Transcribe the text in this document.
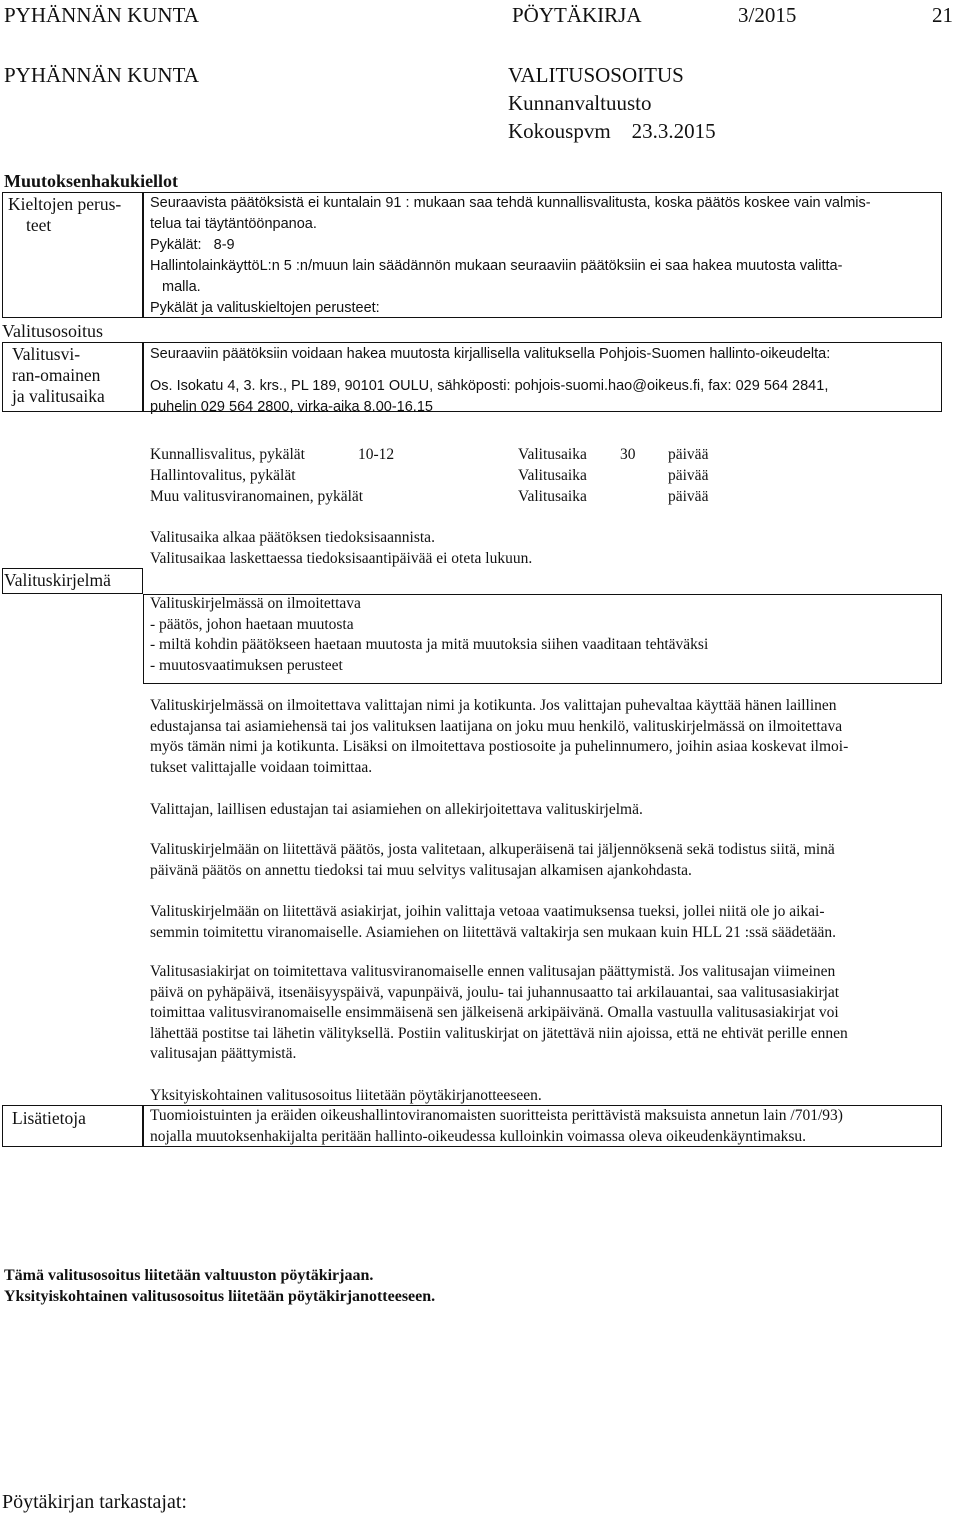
PYHÄNNÄN KUNTA	PÖYTÄKIRJA	3/2015	21
PYHÄNNÄN KUNTA	VALITUSOSOITUS
Kunnanvaltuusto
Kokouspvm    23.3.2015
Muutoksenhakukiellot
Kieltojen perus-
teet
Seuraavista päätöksistä ei kuntalain 91 : mukaan saa tehdä kunnallisvalitusta, koska päätös koskee vain valmis-
telua tai täytäntöönpanoa.
Pykälät:   8-9
HallintolainkäyttöL:n 5 :n/muun lain säädännön mukaan seuraaviin päätöksiin ei saa hakea muutosta valitta-
malla.
Pykälät ja valituskieltojen perusteet:
Valitusosoitus
Valitusvi-
ran-omainen
ja valitusaika
Seuraaviin päätöksiin voidaan hakea muutosta kirjallisella valituksella Pohjois-Suomen hallinto-oikeudelta:
Os. Isokatu 4, 3. krs., PL 189, 90101 OULU, sähköposti: pohjois-suomi.hao@oikeus.fi, fax: 029 564 2841,
puhelin 029 564 2800, virka-aika 8.00-16.15
Kunnallisvalitus, pykälät	10-12	Valitusaika 30 päivää
Hallintovalitus, pykälät	Valitusaika	päivää
Muu valitusviranomainen, pykälät	Valitusaika	päivää
Valitusaika alkaa päätöksen tiedoksisaannista.
Valitusaikaa laskettaessa tiedoksisaantipäivää ei oteta lukuun.
Valituskirjelmä
Valituskirjelmässä on ilmoitettava
- päätös, johon haetaan muutosta
- miltä kohdin päätökseen haetaan muutosta ja mitä muutoksia siihen vaaditaan tehtäväksi
- muutosvaatimuksen perusteet
Valituskirjelmässä on ilmoitettava valittajan nimi ja kotikunta. Jos valittajan puhevaltaa käyttää hänen laillinen
edustajansa tai asiamiehensä tai jos valituksen laatijana on joku muu henkilö, valituskirjelmässä on ilmoitettava
myös tämän nimi ja kotikunta. Lisäksi on ilmoitettava postiosoite ja puhelinnumero, joihin asiaa koskevat ilmoi-
tukset valittajalle voidaan toimittaa.
Valittajan, laillisen edustajan tai asiamiehen on allekirjoitettava valituskirjelmä.
Valituskirjelmään on liitettävä päätös, josta valitetaan, alkuperäisenä tai jäljennöksenä sekä todistus siitä, minä
päivänä päätös on annettu tiedoksi tai muu selvitys valitusajan alkamisen ajankohdasta.
Valituskirjelmään on liitettävä asiakirjat, joihin valittaja vetoaa vaatimuksensa tueksi, jollei niitä ole jo aikai-
semmin toimitettu viranomaiselle. Asiamiehen on liitettävä valtakirja sen mukaan kuin HLL 21 :ssä säädetään.
Valitusasiakirjat on toimitettava valitusviranomaiselle ennen valitusajan päättymistä. Jos valitusajan viimeinen
päivä on pyhäpäivä, itsenäisyyspäivä, vapunpäivä, joulu- tai juhannusaatto tai arkilauantai, saa valitusasiakirjat
toimittaa valitusviranomaiselle ensimmäisenä sen jälkeisenä arkipäivänä. Omalla vastuulla valitusasiakirjat voi
lähettää postitse tai lähetin välityksellä. Postiin valituskirjat on jätettävä niin ajoissa, että ne ehtivät perille ennen
valitusajan päättymistä.
Yksityiskohtainen valitusosoitus liitetään pöytäkirjanotteeseen.
Lisätietoja	Tuomioistuinten ja eräiden oikeushallintoviranomaisten suoritteista perittävistä maksuista annetun lain /701/93)
nojalla muutoksenhakijalta peritään hallinto-oikeudessa kulloinkin voimassa oleva oikeudenkäyntimaksu.
Tämä valitusosoitus liitetään valtuuston pöytäkirjaan.
Yksityiskohtainen valitusosoitus liitetään pöytäkirjanotteeseen.
Pöytäkirjan tarkastajat:
